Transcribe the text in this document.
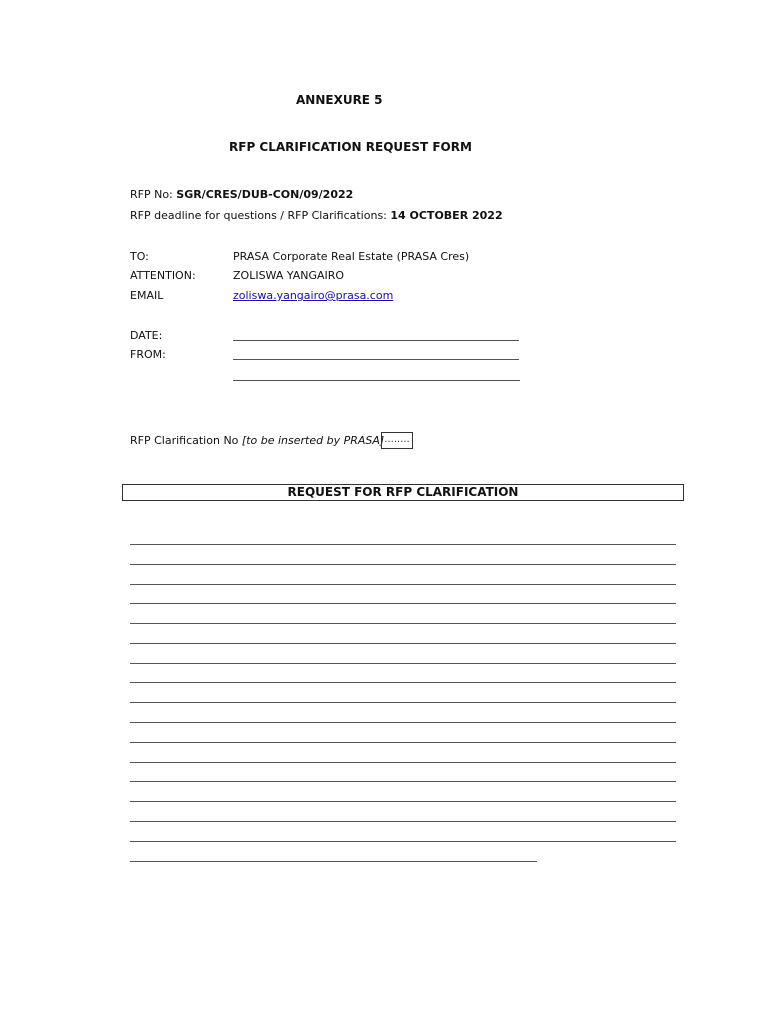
ANNEXURE 5
RFP CLARIFICATION REQUEST FORM
RFP No: SGR/CRES/DUB-CON/09/2022
RFP deadline for questions / RFP Clarifications: 14 OCTOBER 2022
TO:	PRASA Corporate Real Estate (PRASA Cres)
ATTENTION:	ZOLISWA YANGAIRO
EMAIL	zoliswa.yangairo@prasa.com
DATE:
FROM:
RFP Clarification No [to be inserted by PRASA] ........
REQUEST FOR RFP CLARIFICATION
